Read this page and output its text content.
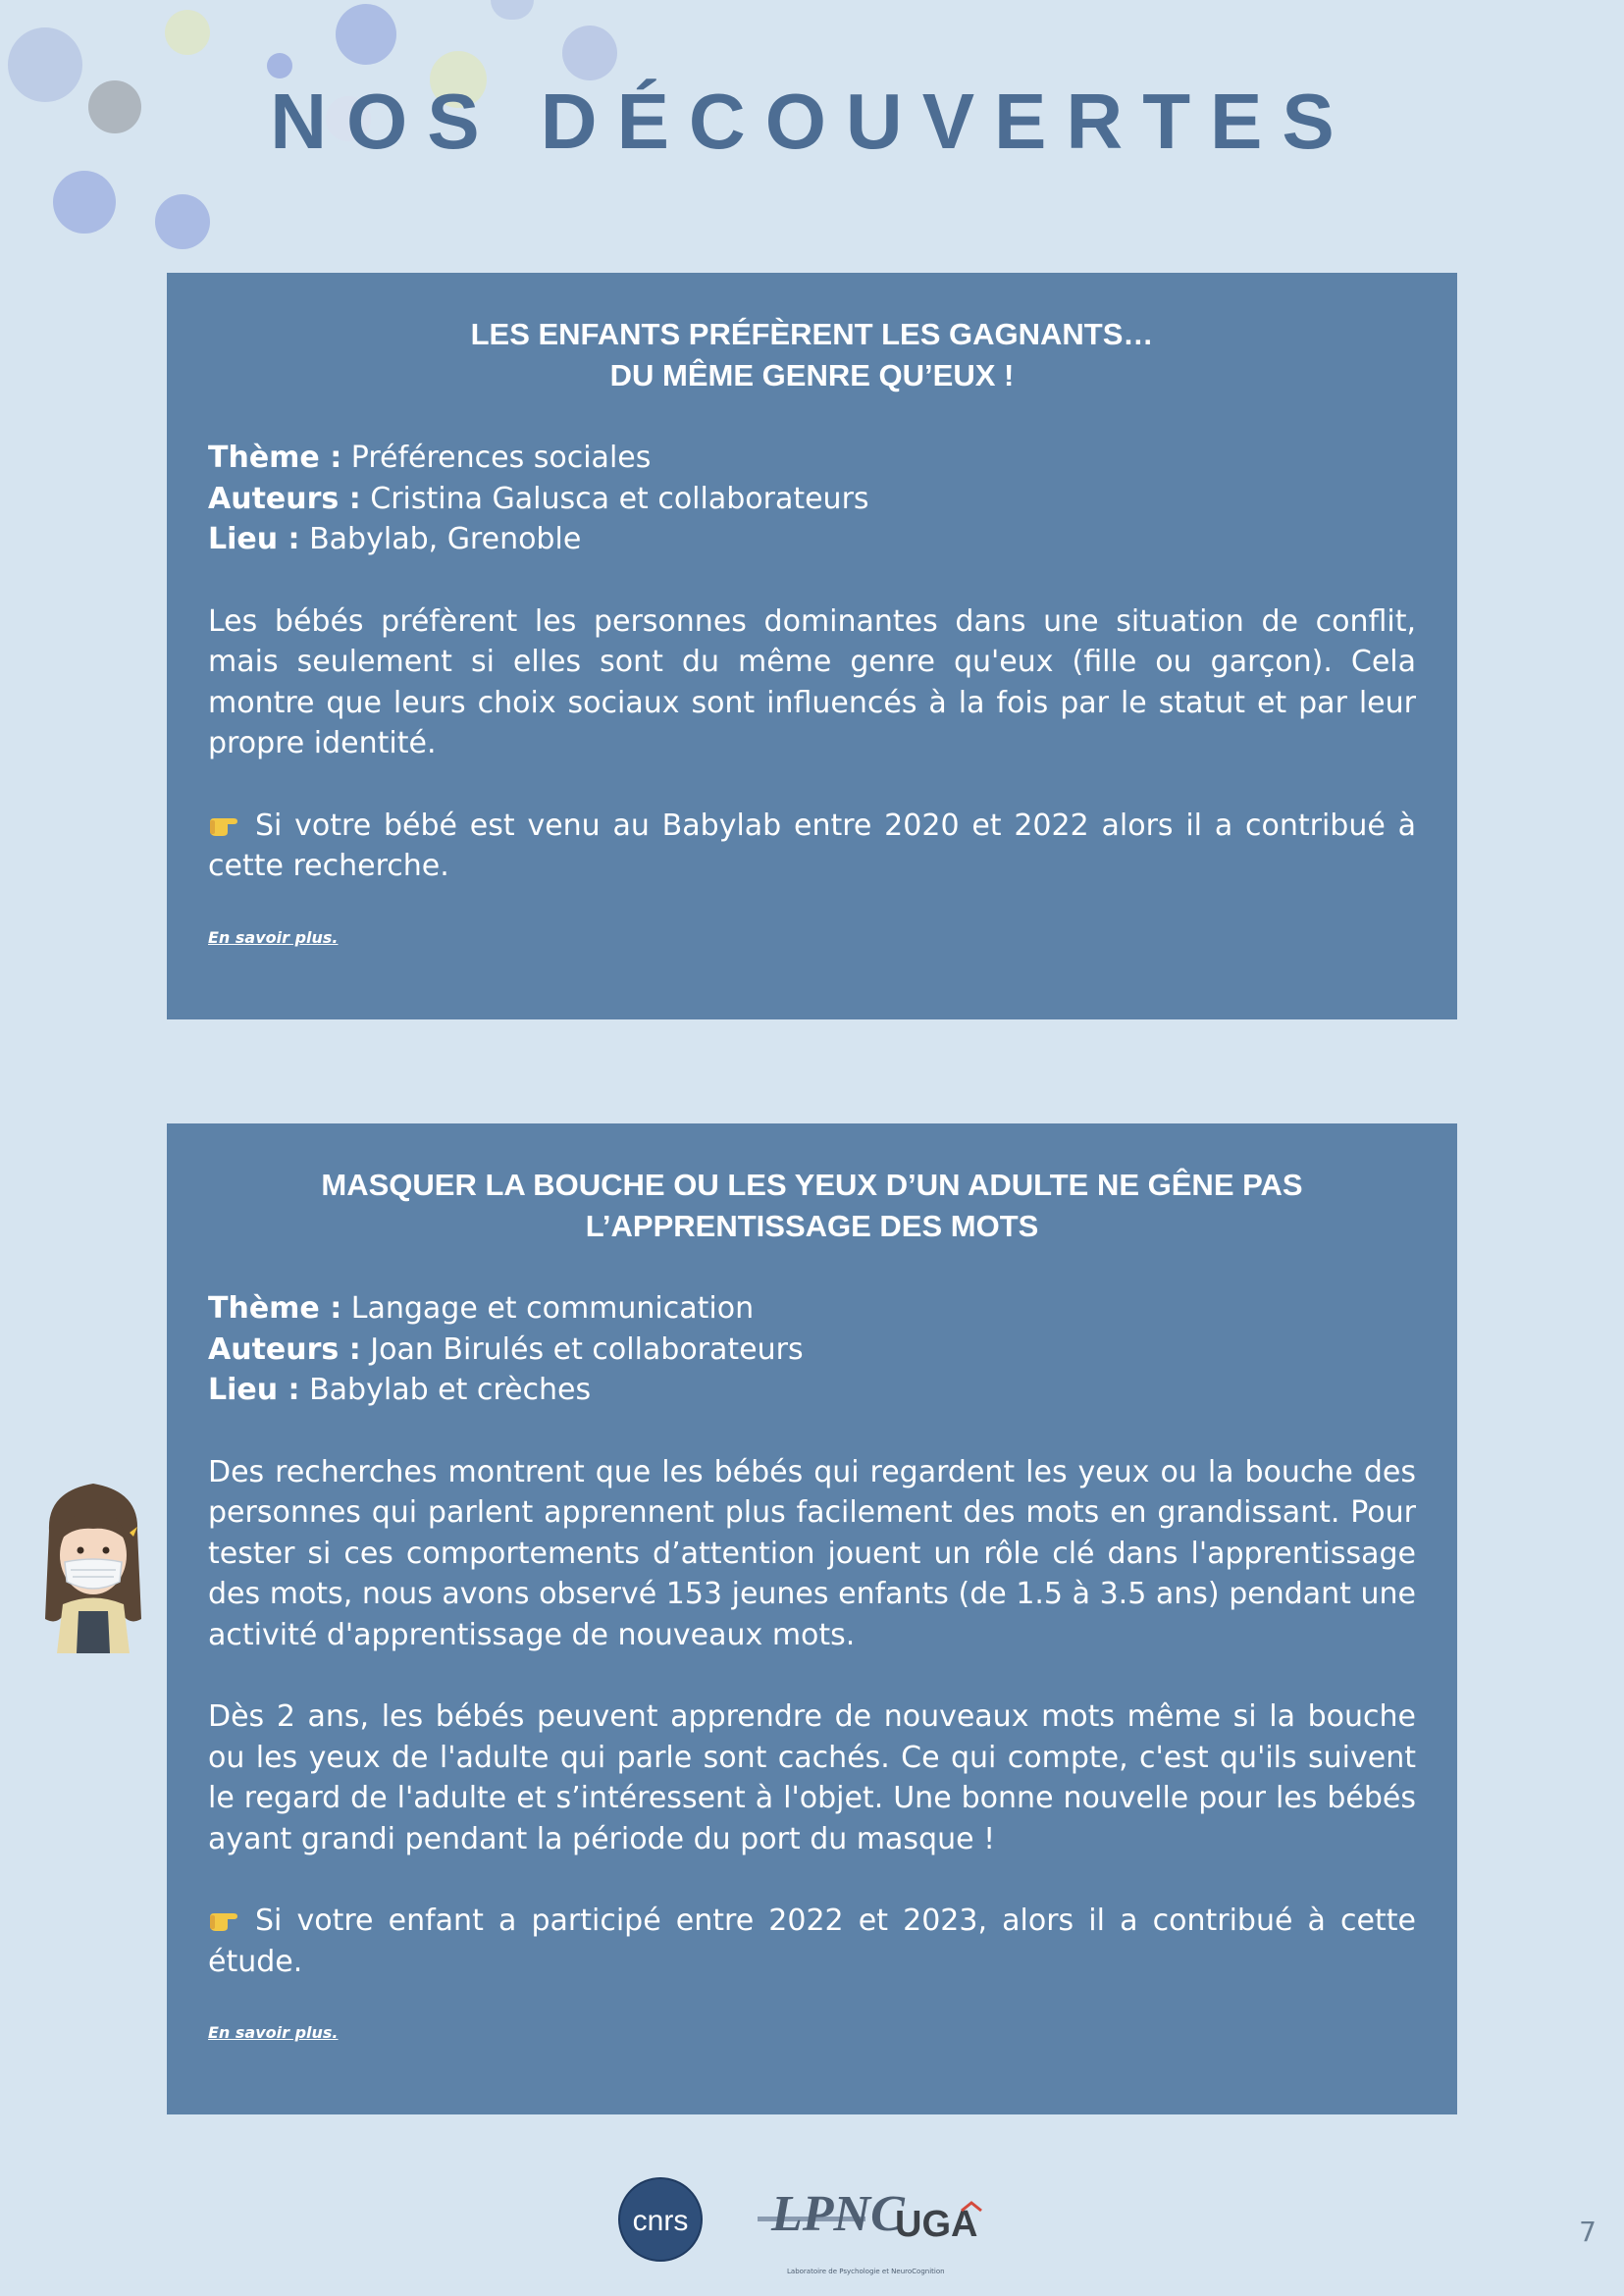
NOS DÉCOUVERTES
LES ENFANTS PRÉFÈRENT LES GAGNANTS…
DU MÊME GENRE QU’EUX !

Thème : Préférences sociales
Auteurs : Cristina Galusca et collaborateurs
Lieu : Babylab, Grenoble

Les bébés préfèrent les personnes dominantes dans une situation de conflit, mais seulement si elles sont du même genre qu'eux (fille ou garçon). Cela montre que leurs choix sociaux sont influencés à la fois par le statut et par leur propre identité.

Si votre bébé est venu au Babylab entre 2020 et 2022 alors il a contribué à cette recherche.

En savoir plus.
MASQUER LA BOUCHE OU LES YEUX D’UN ADULTE NE GÊNE PAS
L’APPRENTISSAGE DES MOTS

Thème : Langage et communication
Auteurs : Joan Birulés et collaborateurs
Lieu : Babylab et crèches

Des recherches montrent que les bébés qui regardent les yeux ou la bouche des personnes qui parlent apprennent plus facilement des mots en grandissant. Pour tester si ces comportements d’attention jouent un rôle clé dans l'apprentissage des mots, nous avons observé 153 jeunes enfants (de 1.5 à 3.5 ans) pendant une activité d'apprentissage de nouveaux mots.

Dès 2 ans, les bébés peuvent apprendre de nouveaux mots même si la bouche ou les yeux de l'adulte qui parle sont cachés. Ce qui compte, c'est qu'ils suivent le regard de l'adulte et s’intéressent à l'objet. Une bonne nouvelle pour les bébés ayant grandi pendant la période du port du masque !

Si votre enfant a participé entre 2022 et 2023, alors il a contribué à cette étude.

En savoir plus.
cnrs LPNC
Laboratoire de Psychologie et NeuroCognition
UGA	7
